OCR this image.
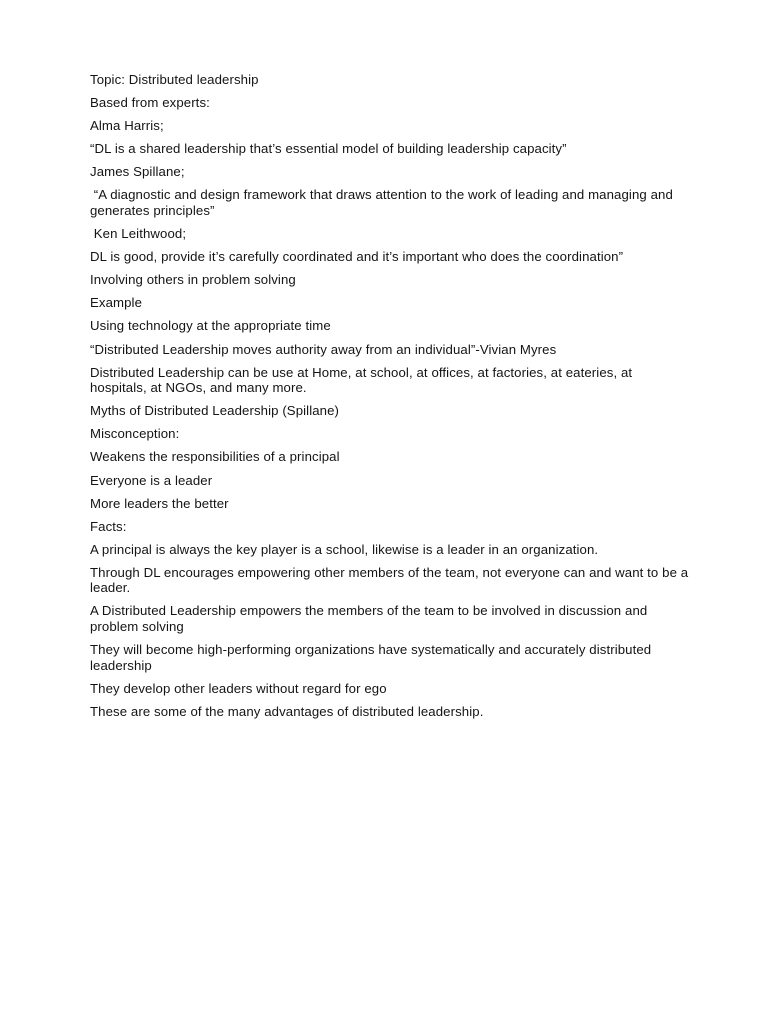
Topic: Distributed leadership

Based from experts:

Alma Harris;

“DL is a shared leadership that’s essential model of building leadership capacity”

James Spillane;

“A diagnostic and design framework that draws attention to the work of leading and managing and generates principles”

Ken Leithwood;

DL is good, provide it’s carefully coordinated and it’s important who does the coordination”

Involving others in problem solving

Example

Using technology at the appropriate time

“Distributed Leadership moves authority away from an individual”-Vivian Myres

Distributed Leadership can be use at Home, at school, at offices, at factories, at eateries, at hospitals, at NGOs, and many more.

Myths of Distributed Leadership (Spillane)

Misconception:

Weakens the responsibilities of a principal

Everyone is a leader

More leaders the better

Facts:

A principal is always the key player is a school, likewise is a leader in an organization.

Through DL encourages empowering other members of the team, not everyone can and want to be a leader.

A Distributed Leadership empowers the members of the team to be involved in discussion and problem solving

They will become high-performing organizations have systematically and accurately distributed leadership

They develop other leaders without regard for ego

These are some of the many advantages of distributed leadership.
